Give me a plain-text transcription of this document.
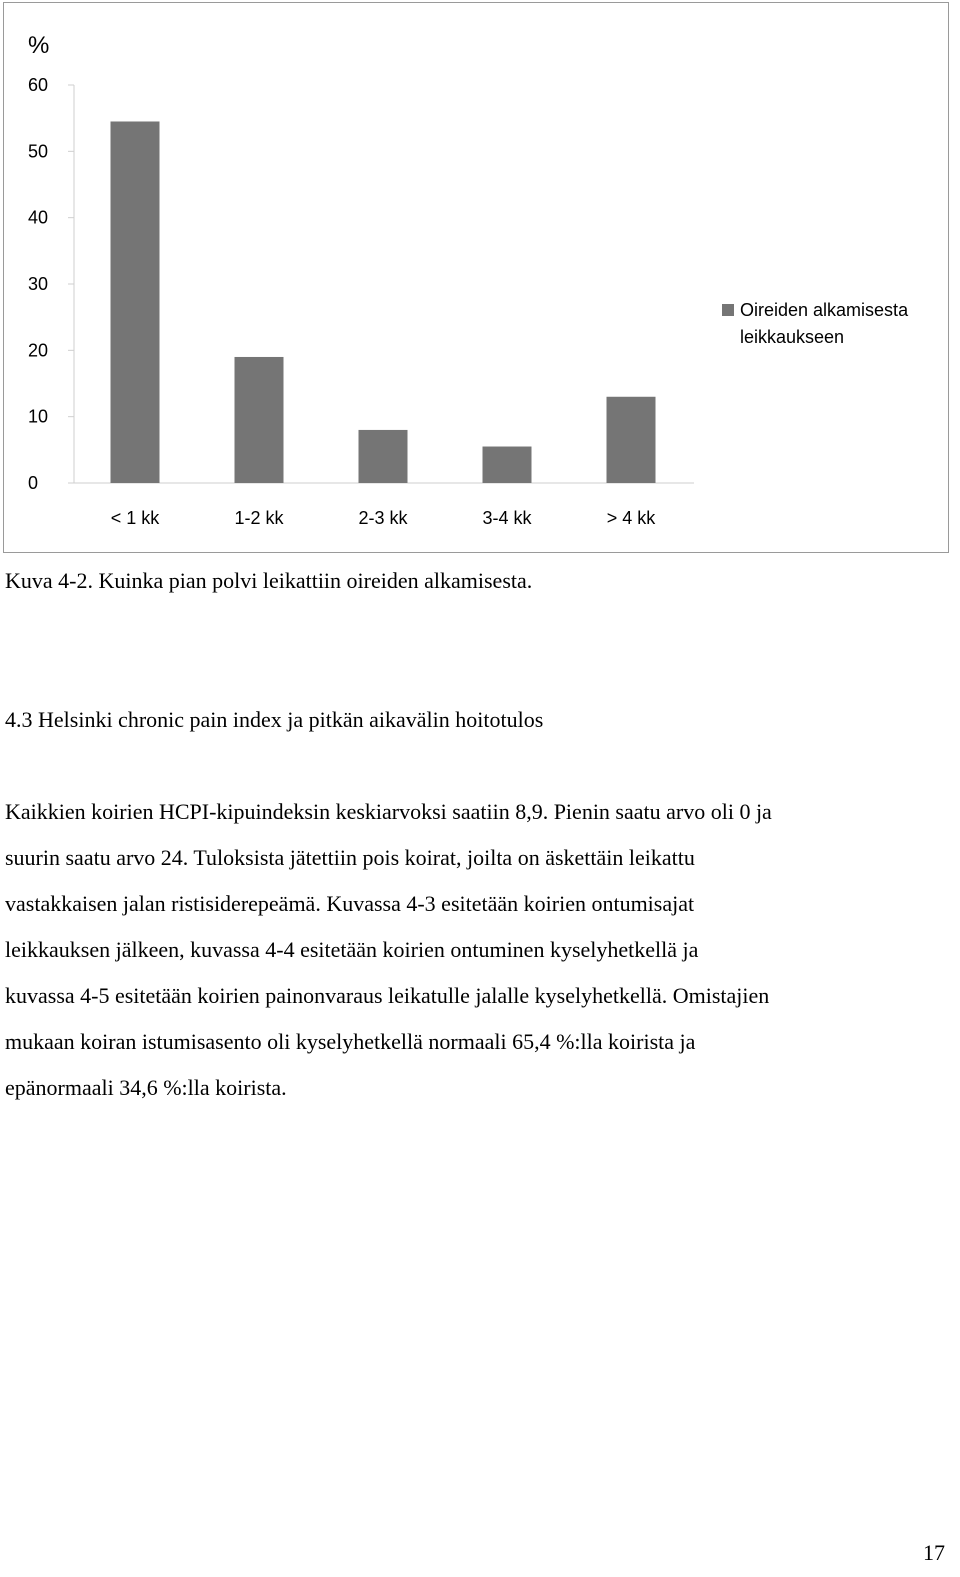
%
60
50
40
30
20
10
0
< 1 kk	1-2 kk	2-3 kk	3-4 kk	> 4 kk
Oireiden alkamisesta
leikkaukseen

Kuva 4-2. Kuinka pian polvi leikattiin oireiden alkamisesta.

4.3 Helsinki chronic pain index ja pitkän aikavälin hoitotulos

Kaikkien koirien HCPI-kipuindeksin keskiarvoksi saatiin 8,9. Pienin saatu arvo oli 0 ja
suurin saatu arvo 24. Tuloksista jätettiin pois koirat, joilta on äskettäin leikattu
vastakkaisen jalan ristisiderepeämä. Kuvassa 4-3 esitetään koirien ontumisajat
leikkauksen jälkeen, kuvassa 4-4 esitetään koirien ontuminen kyselyhetkellä ja
kuvassa 4-5 esitetään koirien painonvaraus leikatulle jalalle kyselyhetkellä. Omistajien
mukaan koiran istumisasento oli kyselyhetkellä normaali 65,4 %:lla koirista ja
epänormaali 34,6 %:lla koirista.
17
